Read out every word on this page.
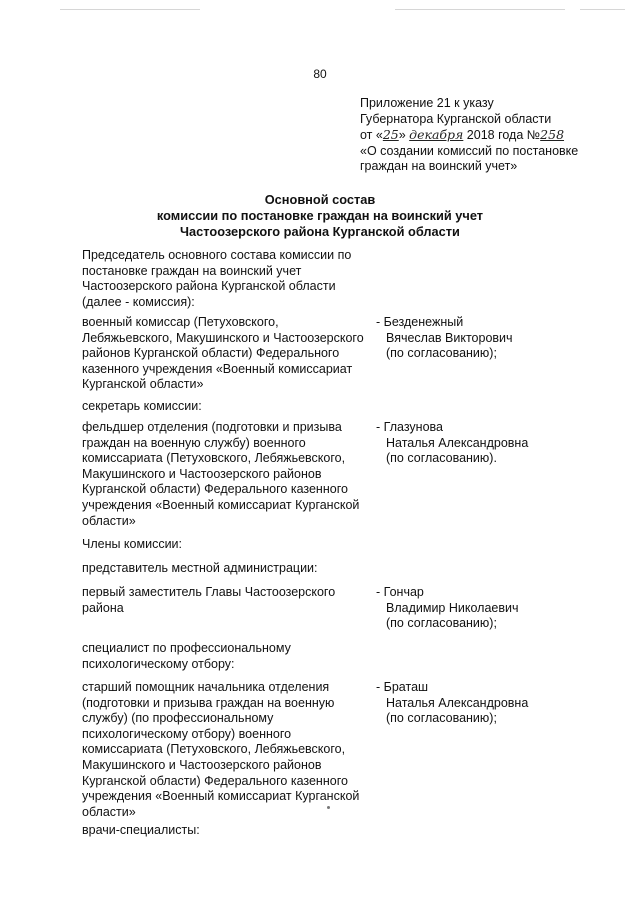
80
Приложение 21 к указу
Губернатора Курганской области
от «25» декабря 2018 года №258
«О создании комиссий по постановке
граждан на воинский учет»
Основной состав
комиссии по постановке граждан на воинский учет
Частоозерского района Курганской области
Председатель основного состава комиссии по
постановке граждан на воинский учет
Частоозерского района Курганской области
(далее - комиссия):
военный комиссар (Петуховского,
Лебяжьевского, Макушинского и Частоозерского
районов Курганской области) Федерального
казенного учреждения «Военный комиссариат
Курганской области»
- Безденежный
Вячеслав Викторович
(по согласованию);
секретарь комиссии:
фельдшер отделения (подготовки и призыва
граждан на военную службу) военного
комиссариата (Петуховского, Лебяжьевского,
Макушинского и Частоозерского районов
Курганской области) Федерального казенного
учреждения «Военный комиссариат Курганской
области»
- Глазунова
Наталья Александровна
(по согласованию).
Члены комиссии:
представитель местной администрации:
первый заместитель Главы Частоозерского
района
- Гончар
Владимир Николаевич
(по согласованию);
специалист по профессиональному
психологическому отбору:
старший помощник начальника отделения
(подготовки и призыва граждан на военную
службу) (по профессиональному
психологическому отбору) военного
комиссариата (Петуховского, Лебяжьевского,
Макушинского и Частоозерского районов
Курганской области) Федерального казенного
учреждения «Военный комиссариат Курганской
области»
- Браташ
Наталья Александровна
(по согласованию);
врачи-специалисты:
